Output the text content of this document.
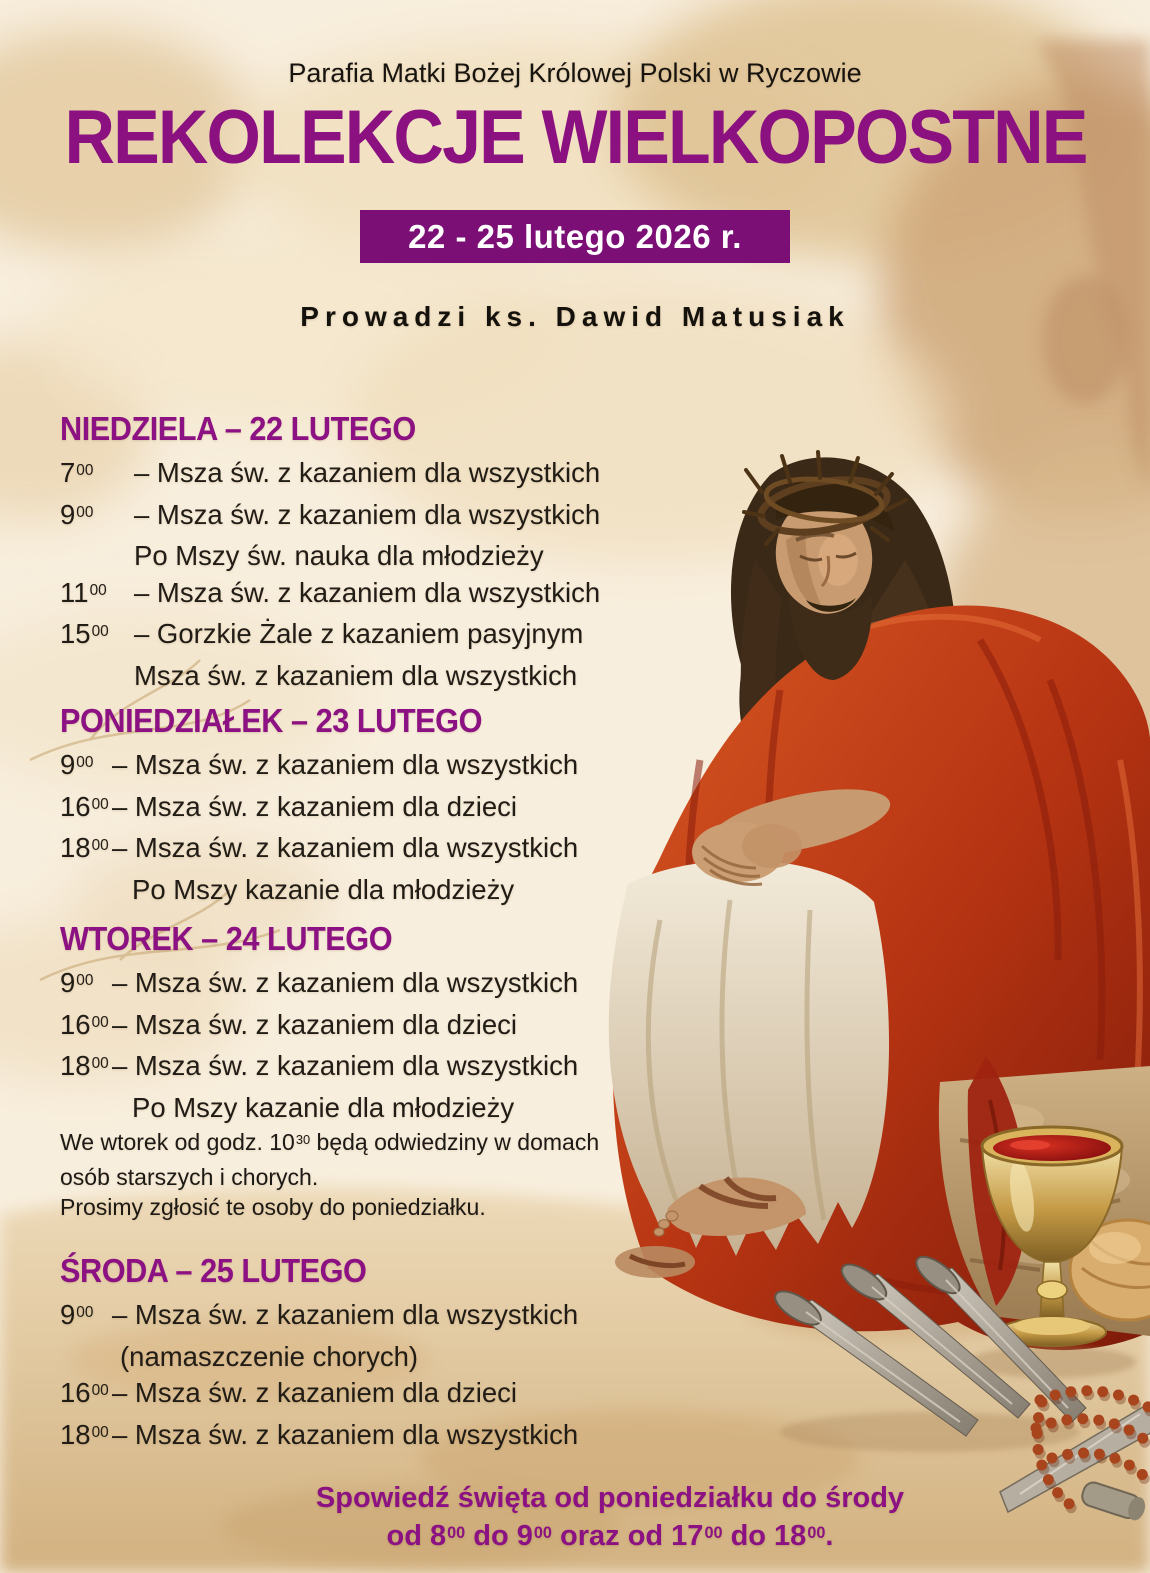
Parafia Matki Bożej Królowej Polski w Ryczowie
REKOLEKCJE WIELKOPOSTNE
22 - 25 lutego 2026 r.
Prowadzi ks. Dawid Matusiak
NIEDZIELA – 22 LUTEGO
$7^{00}$	– Msza św. z kazaniem dla wszystkich
$9^{00}$	– Msza św. z kazaniem dla wszystkich
Po Mszy św. nauka dla młodzieży
$11^{00}$ – Msza św. z kazaniem dla wszystkich
$15^{00}$ – Gorzkie Żale z kazaniem pasyjnym
Msza św. z kazaniem dla wszystkich
PONIEDZIAŁEK – 23 LUTEGO
$9^{00}$ – Msza św. z kazaniem dla wszystkich
$16^{00}$ – Msza św. z kazaniem dla dzieci
$18^{00}$ – Msza św. z kazaniem dla wszystkich
Po Mszy kazanie dla młodzieży
WTOREK – 24 LUTEGO
$9^{00}$ – Msza św. z kazaniem dla wszystkich
$16^{00}$ – Msza św. z kazaniem dla dzieci
$18^{00}$ – Msza św. z kazaniem dla wszystkich
Po Mszy kazanie dla młodzieży
ŚRODA – 25 LUTEGO
$9^{00}$ – Msza św. z kazaniem dla wszystkich
(namaszczenie chorych)
$16^{00}$ – Msza św. z kazaniem dla dzieci
$18^{00}$ – Msza św. z kazaniem dla wszystkich
We wtorek od godz. $10^{30}$ będą odwiedziny w domach
osób starszych i chorych.
Prosimy zgłosić te osoby do poniedziałku.
Spowiedź święta od poniedziałku do środy
od $8^{00}$ do $9^{00}$ oraz od $17^{00}$ do $18^{00}$.
